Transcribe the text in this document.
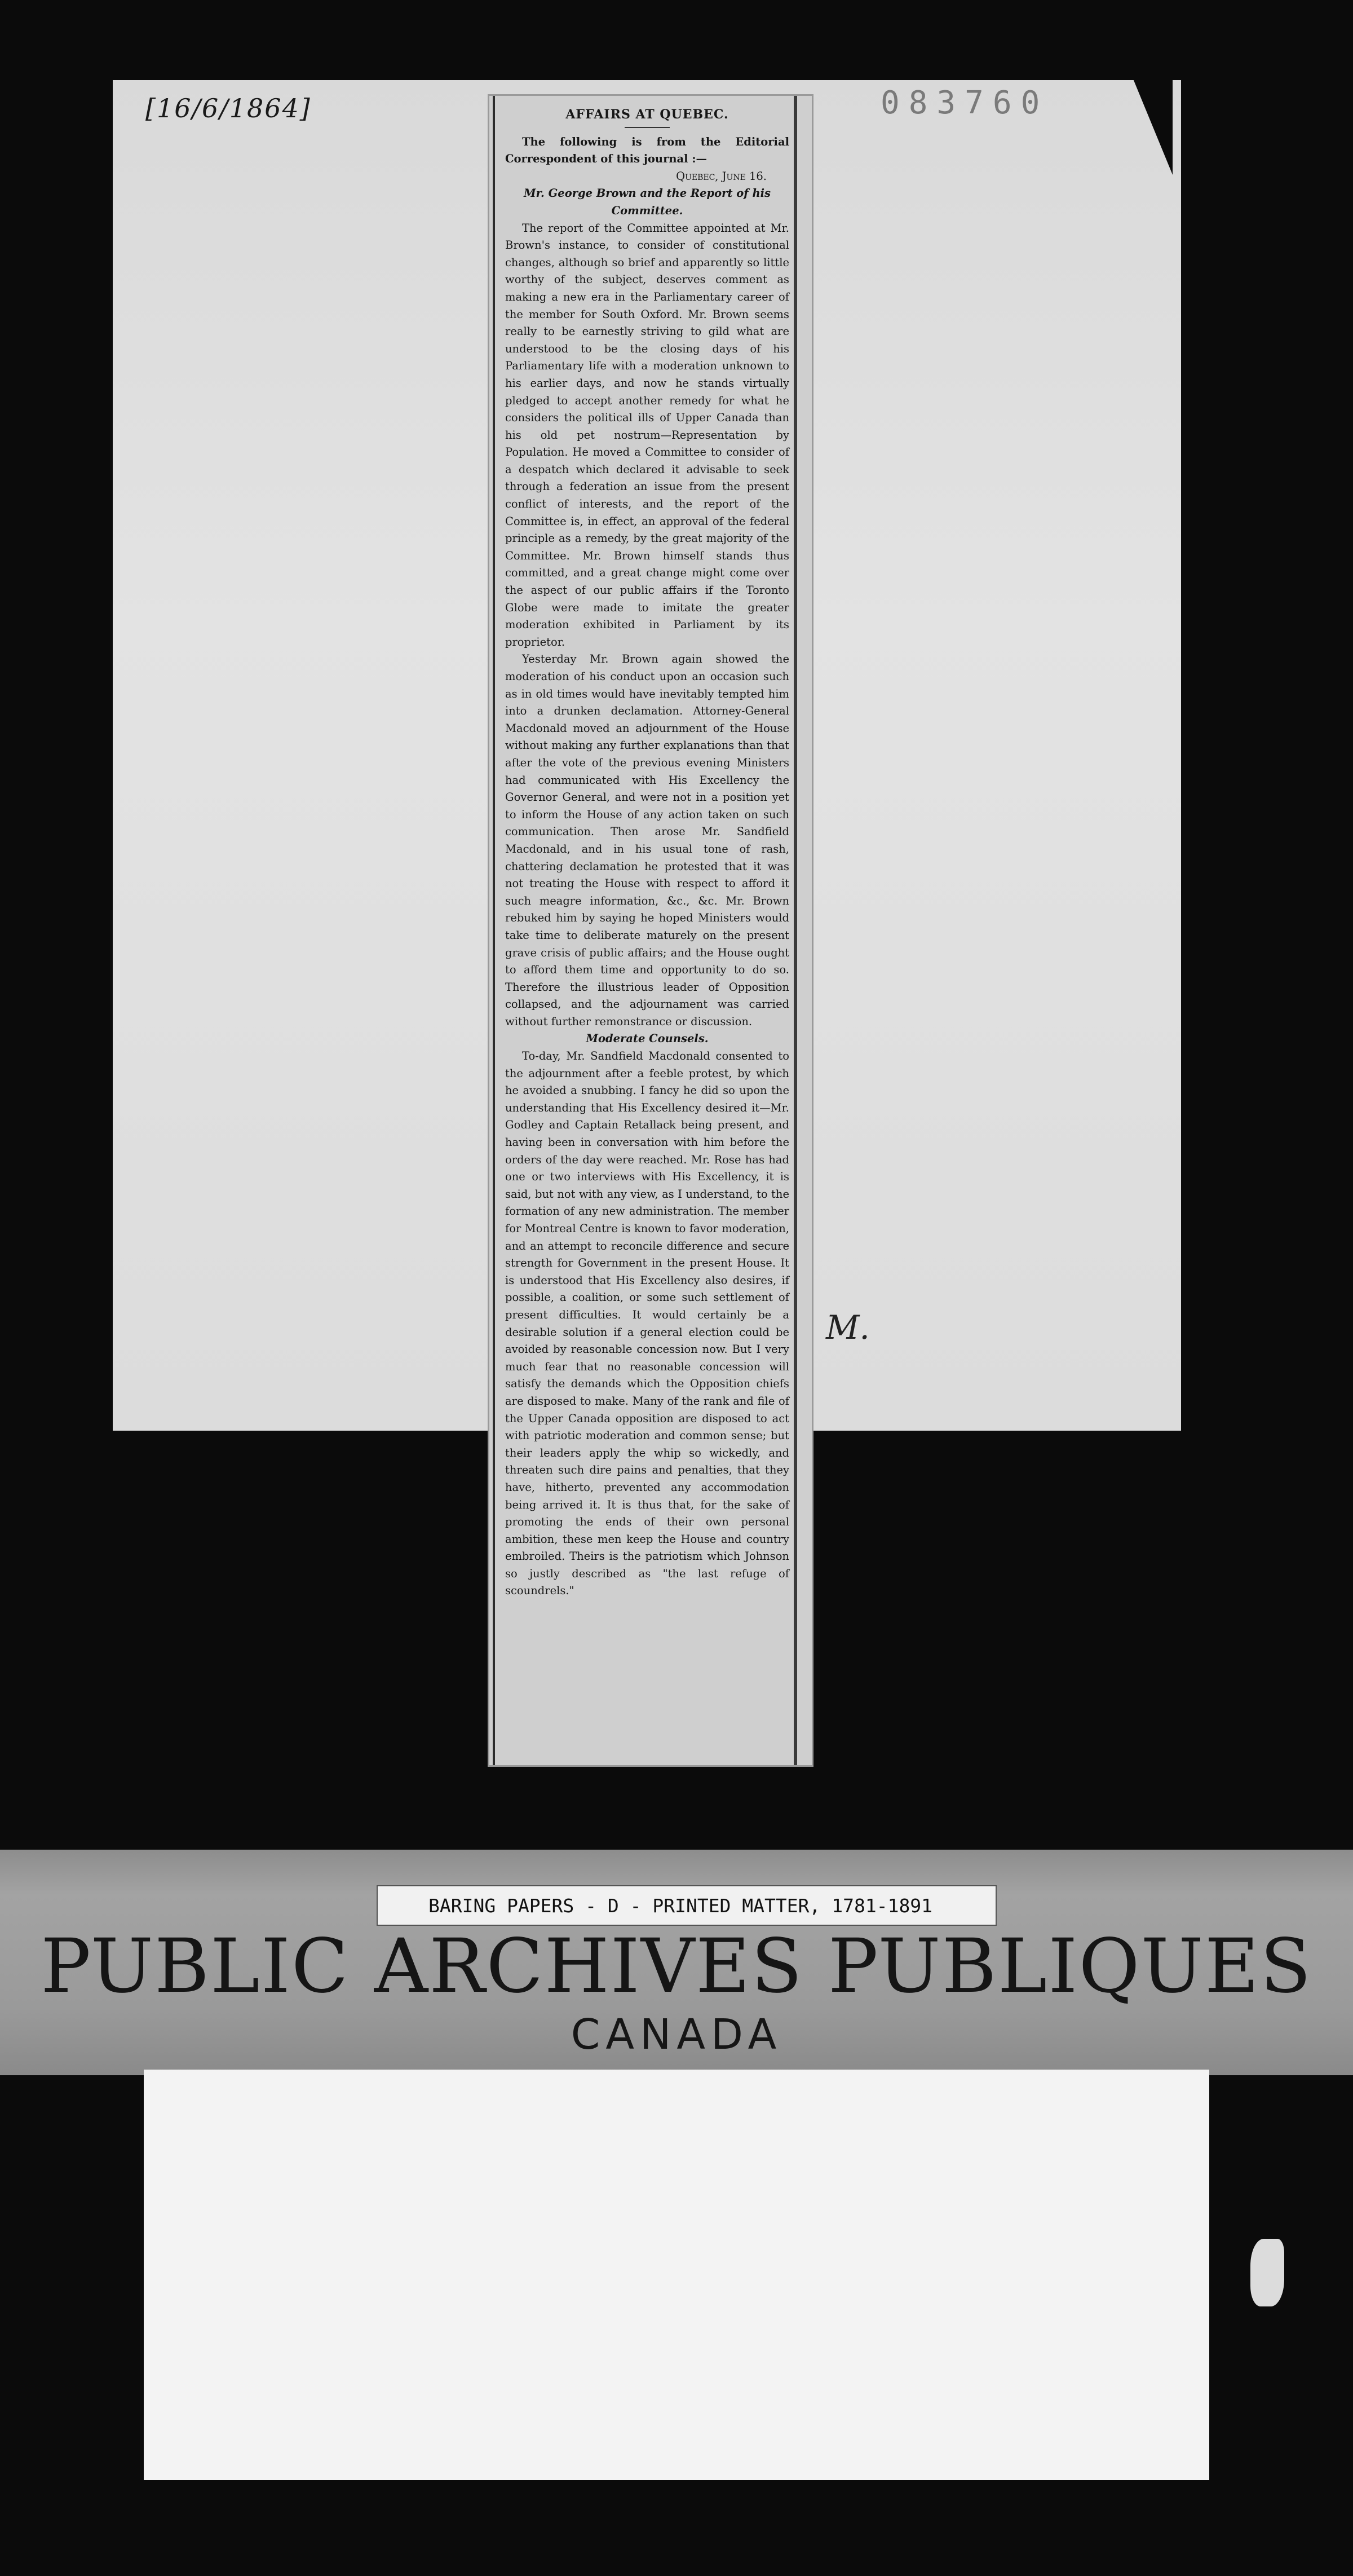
[16/6/1864]	083760
M.
AFFAIRS AT QUEBEC.

The following is from the Editorial Correspondent of this journal :—

Quebec, June 16.

Mr. George Brown and the Report of his Committee.

The report of the Committee appointed at Mr. Brown's instance, to consider of constitutional changes, although so brief and apparently so little worthy of the subject, deserves comment as making a new era in the Parliamentary career of the member for South Oxford. Mr. Brown seems really to be earnestly striving to gild what are understood to be the closing days of his Parliamentary life with a moderation unknown to his earlier days, and now he stands virtually pledged to accept another remedy for what he considers the political ills of Upper Canada than his old pet nostrum—Representation by Population. He moved a Committee to consider of a despatch which declared it advisable to seek through a federation an issue from the present conflict of interests, and the report of the Committee is, in effect, an approval of the federal principle as a remedy, by the great majority of the Committee. Mr. Brown himself stands thus committed, and a great change might come over the aspect of our public affairs if the Toronto Globe were made to imitate the greater moderation exhibited in Parliament by its proprietor.

Yesterday Mr. Brown again showed the moderation of his conduct upon an occasion such as in old times would have inevitably tempted him into a drunken declamation. Attorney-General Macdonald moved an adjournment of the House without making any further explanations than that after the vote of the previous evening Ministers had communicated with His Excellency the Governor General, and were not in a position yet to inform the House of any action taken on such communication. Then arose Mr. Sandfield Macdonald, and in his usual tone of rash, chattering declamation he protested that it was not treating the House with respect to afford it such meagre information, &c., &c. Mr. Brown rebuked him by saying he hoped Ministers would take time to deliberate maturely on the present grave crisis of public affairs; and the House ought to afford them time and opportunity to do so. Therefore the illustrious leader of Opposition collapsed, and the adjournament was carried without further remonstrance or discussion.

Moderate Counsels.

To-day, Mr. Sandfield Macdonald consented to the adjournment after a feeble protest, by which he avoided a snubbing. I fancy he did so upon the understanding that His Excellency desired it—Mr. Godley and Captain Retallack being present, and having been in conversation with him before the orders of the day were reached. Mr. Rose has had one or two interviews with His Excellency, it is said, but not with any view, as I understand, to the formation of any new administration. The member for Montreal Centre is known to favor moderation, and an attempt to reconcile difference and secure strength for Government in the present House. It is understood that His Excellency also desires, if possible, a coalition, or some such settlement of present difficulties. It would certainly be a desirable solution if a general election could be avoided by reasonable concession now. But I very much fear that no reasonable concession will satisfy the demands which the Opposition chiefs are disposed to make. Many of the rank and file of the Upper Canada opposition are disposed to act with patriotic moderation and common sense; but their leaders apply the whip so wickedly, and threaten such dire pains and penalties, that they have, hitherto, prevented any accommodation being arrived it. It is thus that, for the sake of promoting the ends of their own personal ambition, these men keep the House and country embroiled. Theirs is the patriotism which Johnson so justly described as "the last refuge of scoundrels."

BARING PAPERS - D - PRINTED MATTER, 1781-1891
PUBLIC ARCHIVES PUBLIQUES
CANADA
